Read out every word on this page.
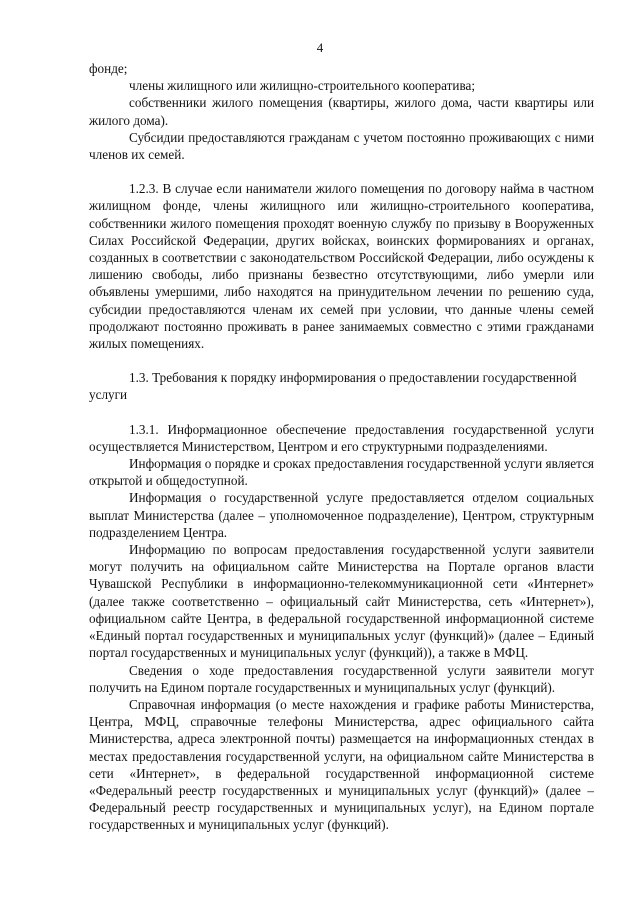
4

фонде;

члены жилищного или жилищно-строительного кооператива;

собственники жилого помещения (квартиры, жилого дома, части квартиры или жилого дома).

Субсидии предоставляются гражданам с учетом постоянно проживающих с ними членов их семей.

1.2.3. В случае если наниматели жилого помещения по договору найма в частном жилищном фонде, члены жилищного или жилищно-строительного кооператива, собственники жилого помещения проходят военную службу по призыву в Вооруженных Силах Российской Федерации, других войсках, воинских формированиях и органах, созданных в соответствии с законодательством Российской Федерации, либо осуждены к лишению свободы, либо признаны безвестно отсутствующими, либо умерли или объявлены умершими, либо находятся на принудительном лечении по решению суда, субсидии предоставляются членам их семей при условии, что данные члены семей продолжают постоянно проживать в ранее занимаемых совместно с этими гражданами жилых помещениях.

1.3. Требования к порядку информирования о предоставлении государственной услуги

1.3.1. Информационное обеспечение предоставления государственной услуги осуществляется Министерством, Центром и его структурными подразделениями.

Информация о порядке и сроках предоставления государственной услуги является открытой и общедоступной.

Информация о государственной услуге предоставляется отделом социальных выплат Министерства (далее – уполномоченное подразделение), Центром, структурным подразделением Центра.

Информацию по вопросам предоставления государственной услуги заявители могут получить на официальном сайте Министерства на Портале органов власти Чувашской Республики в информационно-телекоммуникационной сети «Интернет» (далее также соответственно – официальный сайт Министерства, сеть «Интернет»), официальном сайте Центра, в федеральной государственной информационной системе «Единый портал государственных и муниципальных услуг (функций)» (далее – Единый портал государственных и муниципальных услуг (функций)), а также в МФЦ.

Сведения о ходе предоставления государственной услуги заявители могут получить на Едином портале государственных и муниципальных услуг (функций).

Справочная информация (о месте нахождения и графике работы Министерства, Центра, МФЦ, справочные телефоны Министерства, адрес официального сайта Министерства, адреса электронной почты) размещается на информационных стендах в местах предоставления государственной услуги, на официальном сайте Министерства в сети «Интернет», в федеральной государственной информационной системе «Федеральный реестр государственных и муниципальных услуг (функций)» (далее – Федеральный реестр государственных и муниципальных услуг), на Едином портале государственных и муниципальных услуг (функций).
